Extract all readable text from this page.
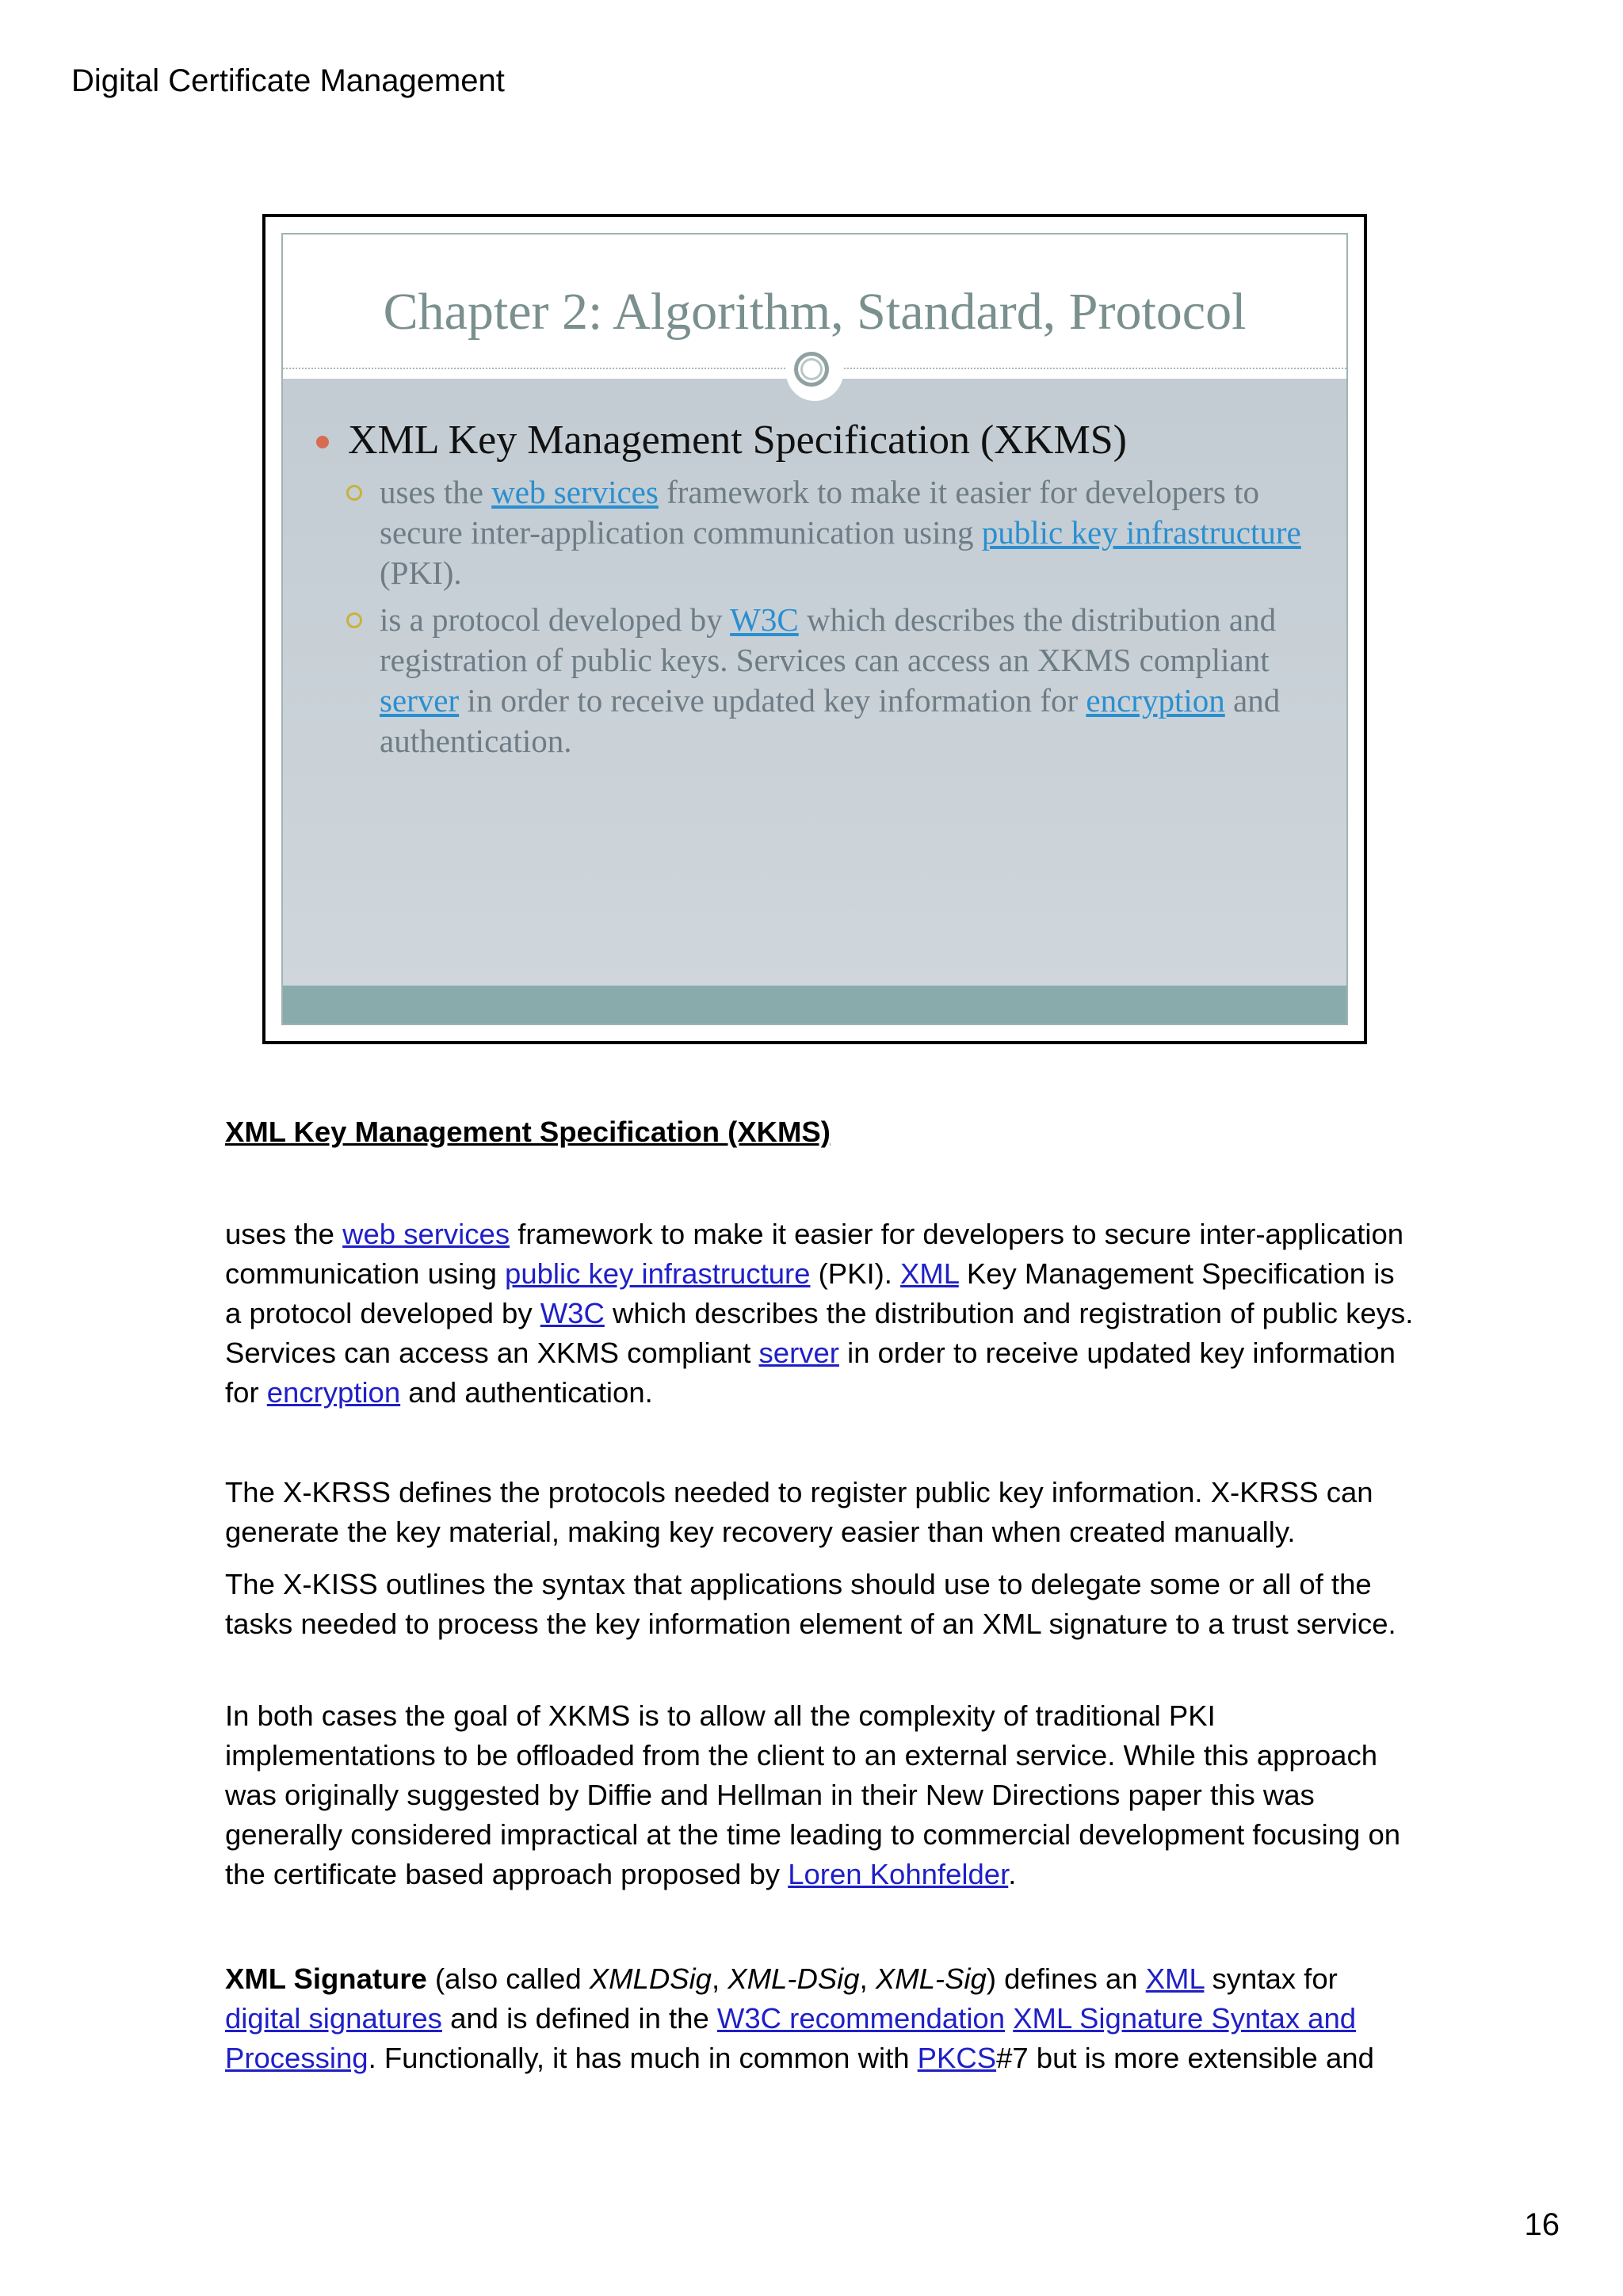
Digital Certificate Management
Chapter 2: Algorithm, Standard, Protocol
XML Key Management Specification (XKMS)
uses the web services framework to make it easier for developers to secure inter-application communication using public key infrastructure (PKI).
is a protocol developed by W3C which describes the distribution and registration of public keys. Services can access an XKMS compliant server in order to receive updated key information for encryption and authentication.

XML Key Management Specification (XKMS)

uses the web services framework to make it easier for developers to secure inter-application communication using public key infrastructure (PKI). XML Key Management Specification is a protocol developed by W3C which describes the distribution and registration of public keys. Services can access an XKMS compliant server in order to receive updated key information for encryption and authentication.

The X-KRSS defines the protocols needed to register public key information. X-KRSS can generate the key material, making key recovery easier than when created manually.

The X-KISS outlines the syntax that applications should use to delegate some or all of the tasks needed to process the key information element of an XML signature to a trust service.

In both cases the goal of XKMS is to allow all the complexity of traditional PKI implementations to be offloaded from the client to an external service. While this approach was originally suggested by Diffie and Hellman in their New Directions paper this was generally considered impractical at the time leading to commercial development focusing on the certificate based approach proposed by Loren Kohnfelder.

XML Signature (also called XMLDSig, XML-DSig, XML-Sig) defines an XML syntax for digital signatures and is defined in the W3C recommendation XML Signature Syntax and Processing. Functionally, it has much in common with PKCS#7 but is more extensible and

16
